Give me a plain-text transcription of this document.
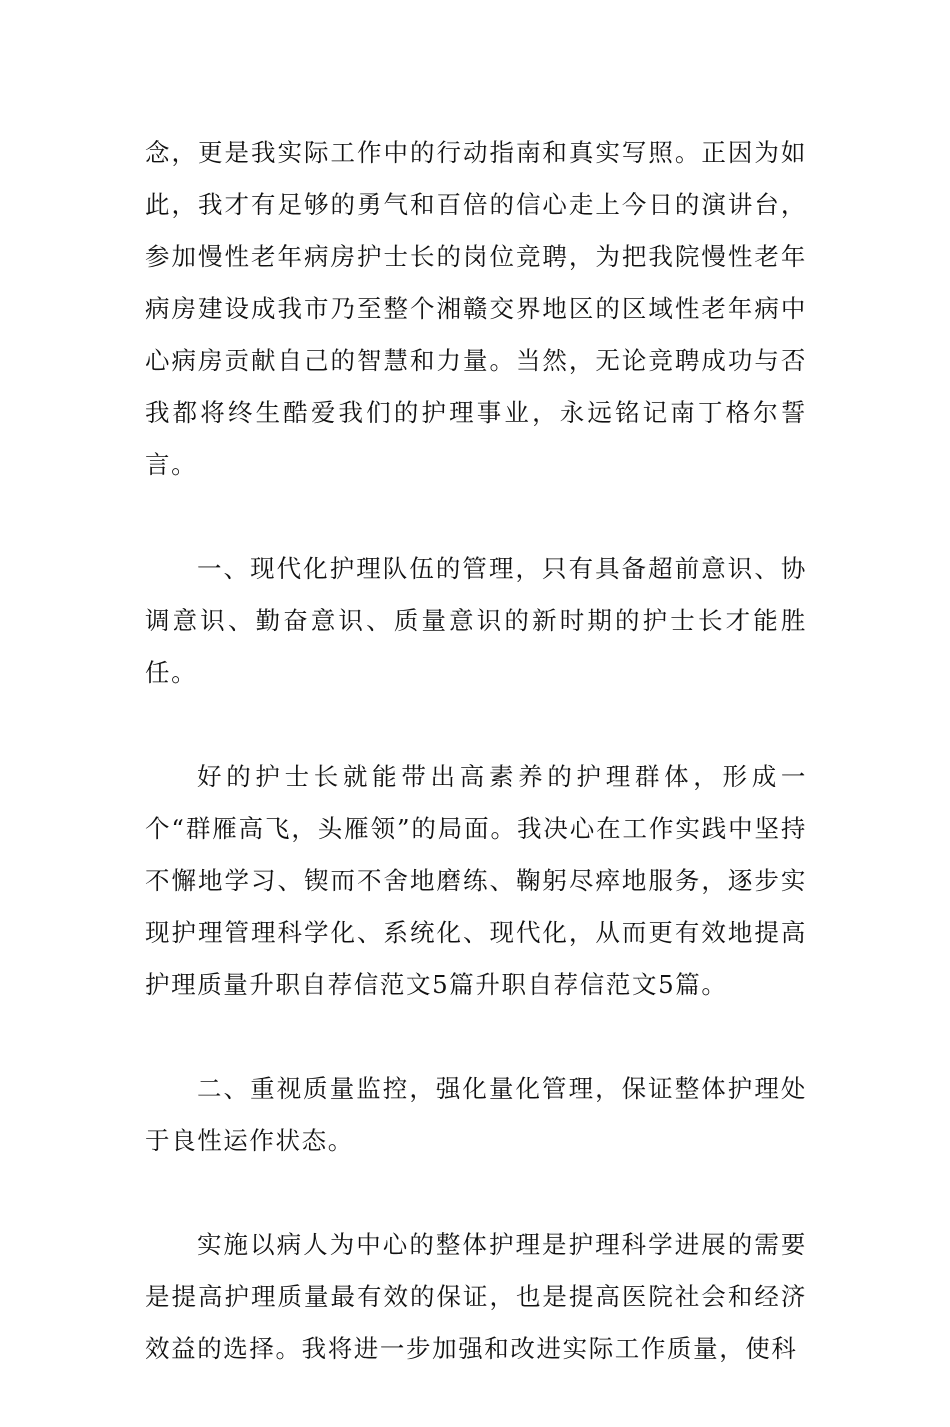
念，更是我实际工作中的行动指南和真实写照。正因为如此，我才有足够的勇气和百倍的信心走上今日的演讲台，参加慢性老年病房护士长的岗位竞聘，为把我院慢性老年病房建设成我市乃至整个湘赣交界地区的区域性老年病中心病房贡献自己的智慧和力量。当然，无论竞聘成功与否我都将终生酷爱我们的护理事业，永远铭记南丁格尔誓言。

一、现代化护理队伍的管理，只有具备超前意识、协调意识、勤奋意识、质量意识的新时期的护士长才能胜任。

好的护士长就能带出高素养的护理群体，形成一个“群雁高飞，头雁领”的局面。我决心在工作实践中坚持不懈地学习、锲而不舍地磨练、鞠躬尽瘁地服务，逐步实现护理管理科学化、系统化、现代化，从而更有效地提高护理质量升职自荐信范文5篇升职自荐信范文5篇。

二、重视质量监控，强化量化管理，保证整体护理处于良性运作状态。

实施以病人为中心的整体护理是护理科学进展的需要是提高护理质量最有效的保证，也是提高医院社会和经济效益的选择。我将进一步加强和改进实际工作质量，使科
